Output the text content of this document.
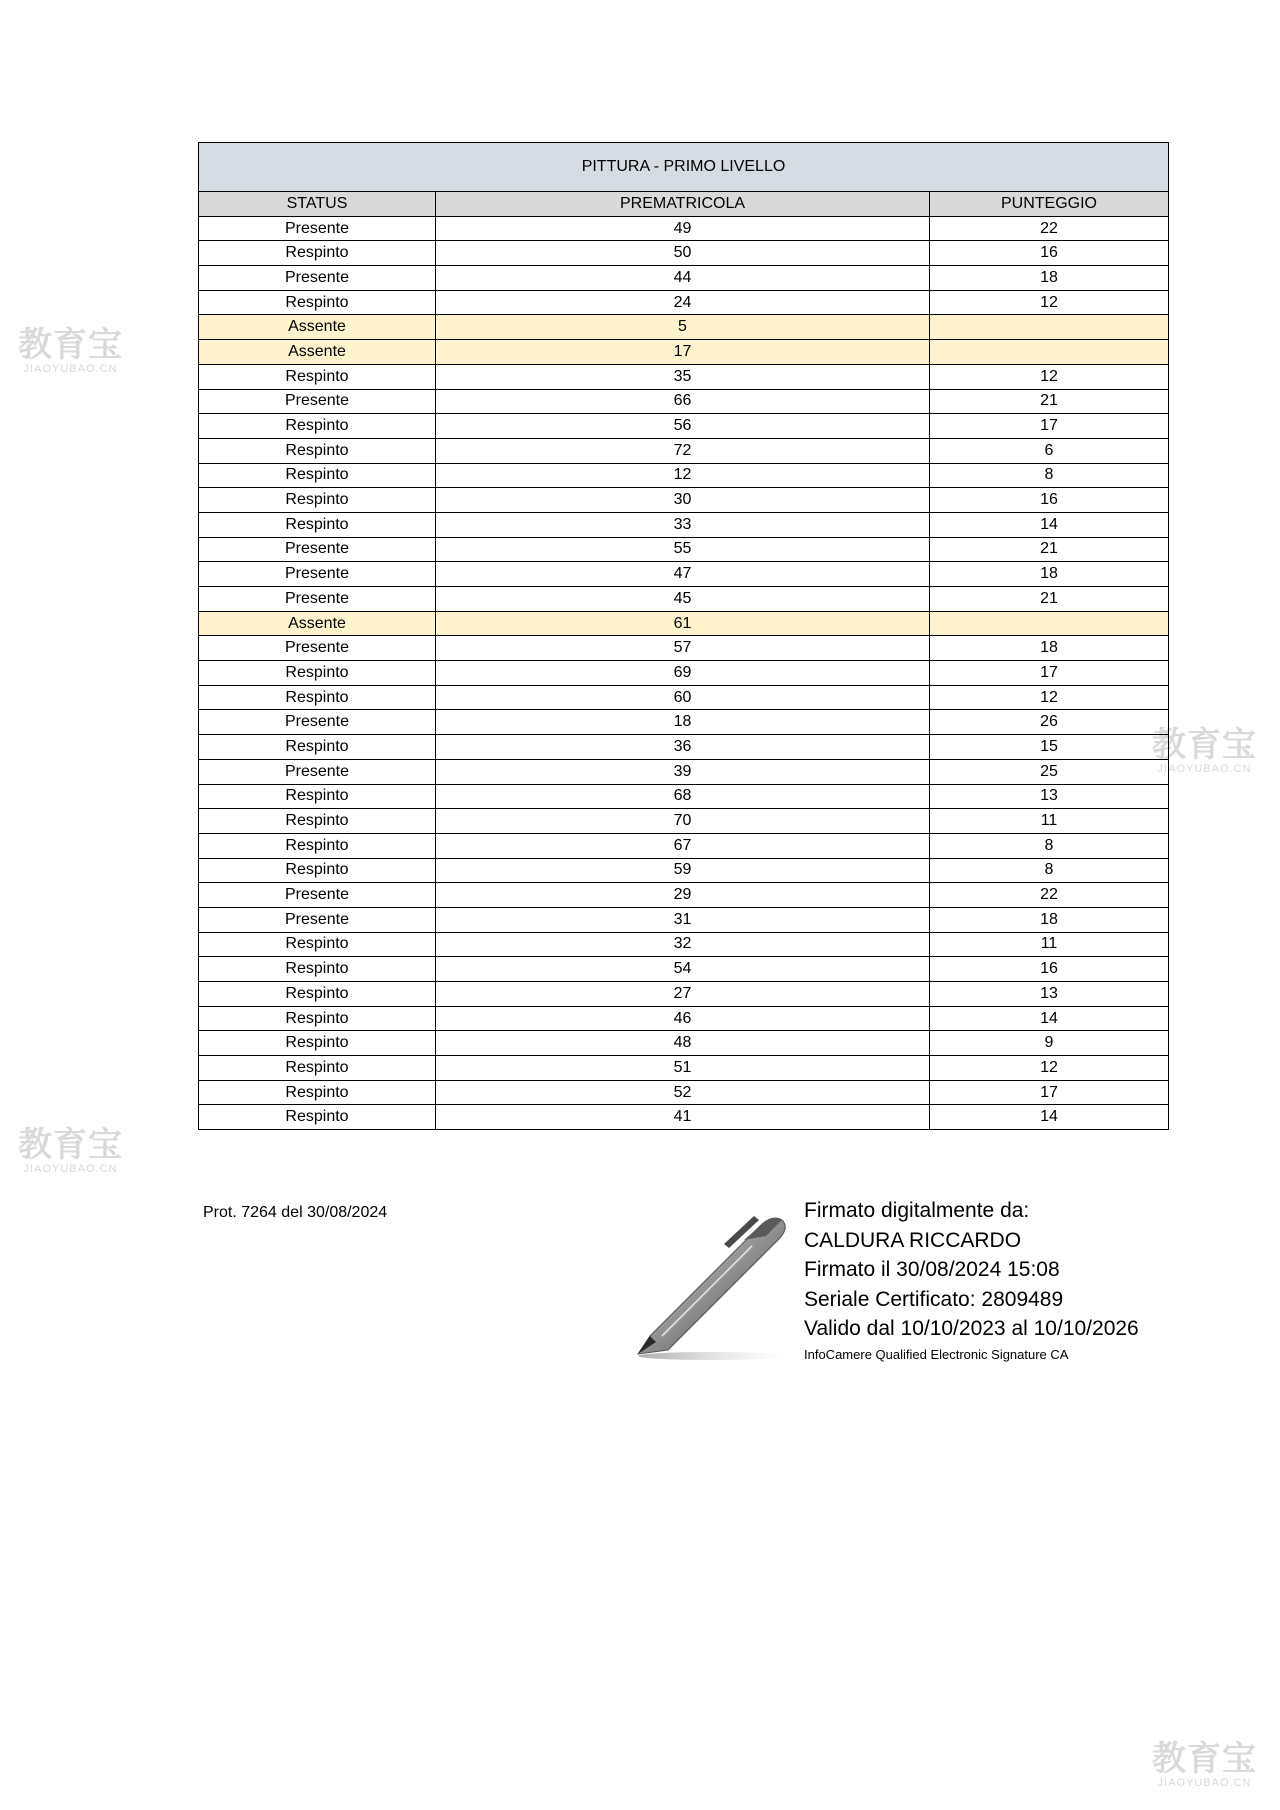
教育宝
JIAOYUBAO.CN
教育宝
JIAOYUBAO.CN
教育宝
JIAOYUBAO.CN
教育宝
JIAOYUBAO.CN
PITTURA - PRIMO LIVELLO		
STATUS	PREMATRICOLA	PUNTEGGIO
Presente	49	22
Respinto	50	16
Presente	44	18
Respinto	24	12
Assente	5	
Assente	17	
Respinto	35	12
Presente	66	21
Respinto	56	17
Respinto	72	6
Respinto	12	8
Respinto	30	16
Respinto	33	14
Presente	55	21
Presente	47	18
Presente	45	21
Assente	61	
Presente	57	18
Respinto	69	17
Respinto	60	12
Presente	18	26
Respinto	36	15
Presente	39	25
Respinto	68	13
Respinto	70	11
Respinto	67	8
Respinto	59	8
Presente	29	22
Presente	31	18
Respinto	32	11
Respinto	54	16
Respinto	27	13
Respinto	46	14
Respinto	48	9
Respinto	51	12
Respinto	52	17
Respinto	41	14
Prot. 7264 del 30/08/2024	Firmato digitalmente da:
CALDURA RICCARDO
Firmato il 30/08/2024 15:08
Seriale Certificato: 2809489
Valido dal 10/10/2023 al 10/10/2026
InfoCamere Qualified Electronic Signature CA
